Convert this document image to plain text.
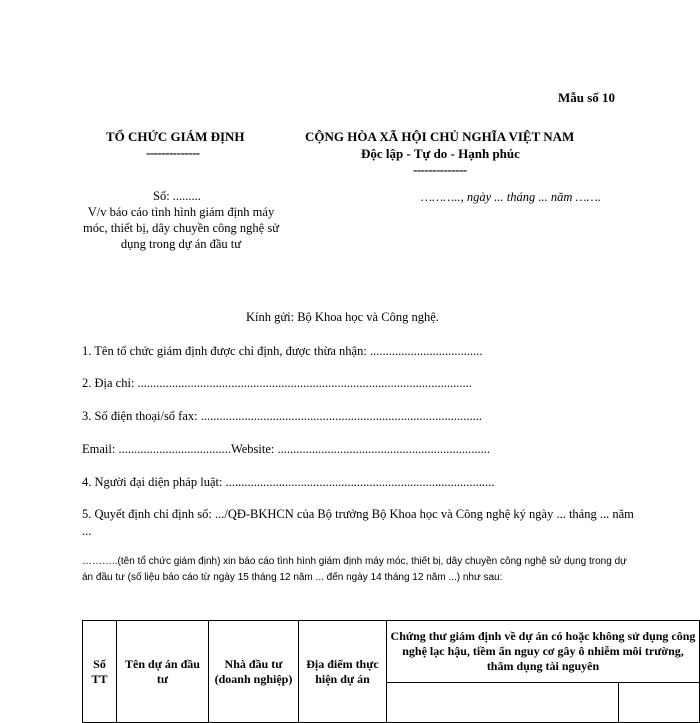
Mẫu số 10
TỔ CHỨC GIÁM ĐỊNH
--------------
CỘNG HÒA XÃ HỘI CHỦ NGHĨA VIỆT NAM
Độc lập - Tự do - Hạnh phúc
--------------
……….., ngày ... tháng ... năm …….
Số: .........
V/v báo cáo tình hình giám định máy móc, thiết bị, dây chuyền công nghệ sử dụng trong dự án đầu tư
Kính gửi: Bộ Khoa học và Công nghệ.
1. Tên tổ chức giám định được chỉ định, được thừa nhận: ....................................
2. Địa chỉ: ...........................................................................................................
3. Số điện thoại/số fax: ..........................................................................................
Email: ....................................Website: ....................................................................
4. Người đại diện pháp luật: ......................................................................................
5. Quyết định chỉ định số: .../QĐ-BKHCN của Bộ trưởng Bộ Khoa học và Công nghệ ký ngày ... tháng ... năm ...
………..(tên tổ chức giám định) xin báo cáo tình hình giám định máy móc, thiết bị, dây chuyền công nghệ sử dụng trong dự án đầu tư (số liệu báo cáo từ ngày 15 tháng 12 năm ... đến ngày 14 tháng 12 năm ...) như sau:
Số TT	Tên dự án đầu tư	Nhà đầu tư (doanh nghiệp)	Địa điểm thực hiện dự án	Chứng thư giám định về dự án có hoặc không sử dụng công nghệ lạc hậu, tiềm ẩn nguy cơ gây ô nhiễm môi trường, thâm dụng tài nguyên	
